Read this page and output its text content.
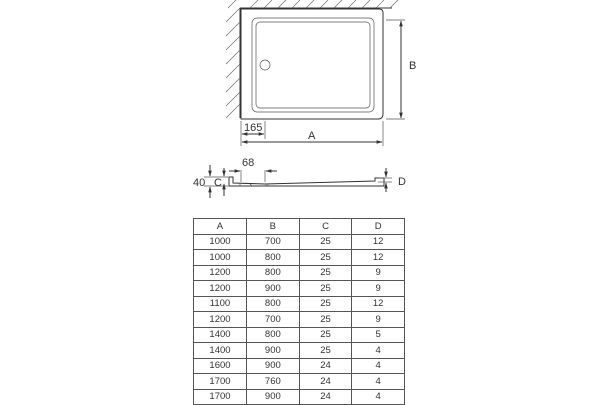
B
A
165
68
40 C	D
A	B	C	D
1000	700	25	12
1000	800	25	12
1200	800	25	9
1200	900	25	9
1100	800	25	12
1200	700	25	9
1400	800	25	5
1400	900	25	4
1600	900	24	4
1700	760	24	4
1700	900	24	4
